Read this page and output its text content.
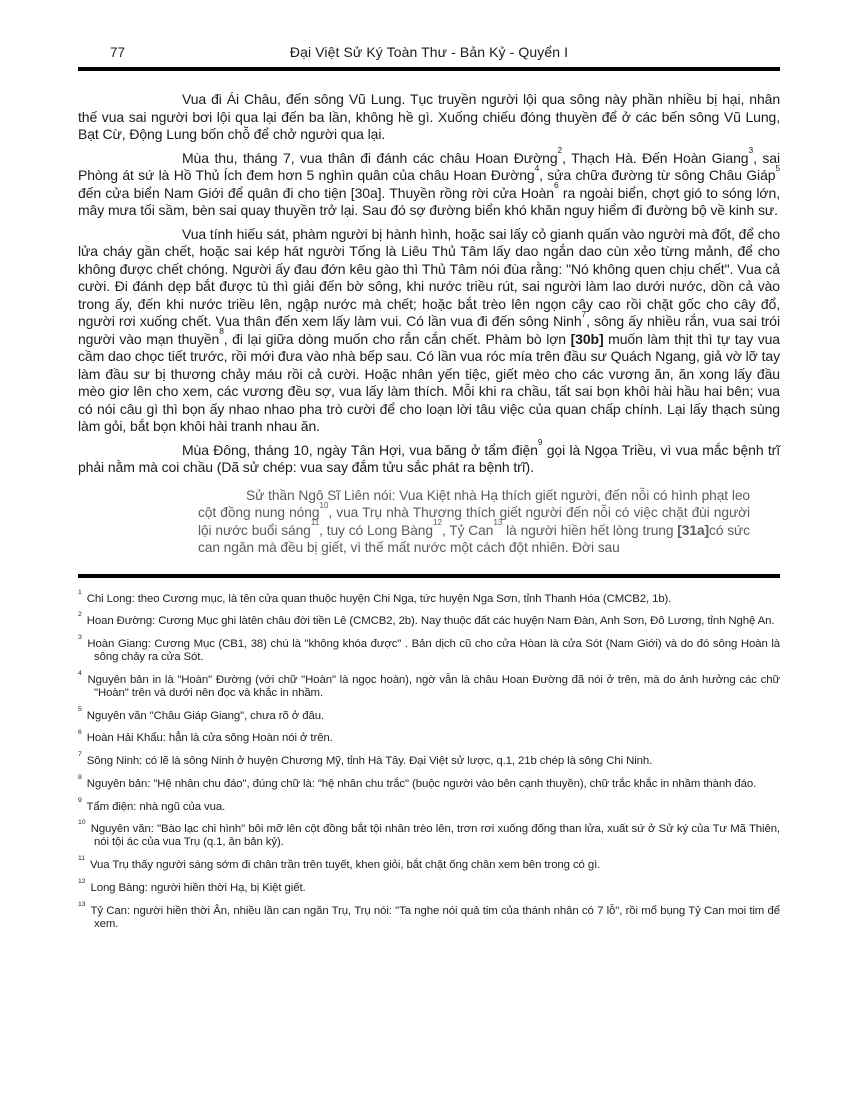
77	Đại Việt Sử Ký Toàn Thư - Bản Kỷ - Quyển I

Vua đi Ái Châu, đến sông Vũ Lung. Tục truyền người lội qua sông này phần nhiều bị hại, nhân thế vua sai người bơi lội qua lại đến ba lần, không hề gì. Xuống chiếu đóng thuyền để ở các bến sông Vũ Lung, Bạt Cừ, Động Lung bốn chỗ để chở người qua lại.

Mùa thu, tháng 7, vua thân đi đánh các châu Hoan Đường$^2$, Thạch Hà. Đến Hoàn Giang$^3$, sai Phòng át sứ là Hồ Thủ Ích đem hơn 5 nghìn quân của châu Hoan Đường$^4$, sửa chữa đường từ sông Châu Giáp$^5$ đến cửa biển Nam Giới để quân đi cho tiện [30a]. Thuyền rồng rời cửa Hoàn$^6$ ra ngoài biển, chợt gió to sóng lớn, mây mưa tối sầm, bèn sai quay thuyền trở lại. Sau đó sợ đường biển khó khăn nguy hiểm đi đường bộ về kinh sư.

Vua tính hiếu sát, phàm người bị hành hình, hoặc sai lấy cỏ gianh quấn vào người mà đốt, để cho lửa cháy gần chết, hoặc sai kép hát người Tống là Liêu Thủ Tâm lấy dao ngắn dao cùn xẻo từng mảnh, để cho không được chết chóng. Người ấy đau đớn kêu gào thì Thủ Tâm nói đùa rằng: "Nó không quen chịu chết". Vua cả cười. Đi đánh dẹp bắt được tù thì giải đến bờ sông, khi nước triều rút, sai người làm lao dưới nước, dồn cả vào trong ấy, đến khi nước triều lên, ngập nước mà chết; hoặc bắt trèo lên ngọn cây cao rồi chặt gốc cho cây đổ, người rơi xuống chết. Vua thân đến xem lấy làm vui. Có lần vua đi đến sông Ninh$^7$, sông ấy nhiều rắn, vua sai trói người vào mạn thuyền$^8$, đi lại giữa dòng muốn cho rắn cắn chết. Phàm bò lợn [30b] muốn làm thịt thì tự tay vua cầm dao chọc tiết trước, rồi mới đưa vào nhà bếp sau. Có lần vua róc mía trên đầu sư Quách Ngang, giả vờ lỡ tay làm đầu sư bị thương chảy máu rồi cả cười. Hoặc nhân yến tiệc, giết mèo cho các vương ăn, ăn xong lấy đầu mèo giơ lên cho xem, các vương đều sợ, vua lấy làm thích. Mỗi khi ra chầu, tất sai bọn khôi hài hầu hai bên; vua có nói câu gì thì bọn ấy nhao nhao pha trò cười để cho loạn lời tâu việc của quan chấp chính. Lại lấy thạch sùng làm gỏi, bắt bọn khôi hài tranh nhau ăn.

Mùa Đông, tháng 10, ngày Tân Hợi, vua băng ở tẩm điện$^9$ gọi là Ngọa Triều, vì vua mắc bệnh trĩ phải nằm mà coi chầu (Dã sử chép: vua say đắm tửu sắc phát ra bệnh trĩ).

Sử thần Ngô Sĩ Liên nói: Vua Kiệt nhà Hạ thích giết người, đến nỗi có hình phạt leo cột đồng nung nóng$^{10}$, vua Trụ nhà Thương thích giết người đến nỗi có việc chặt đùi người lội nước buổi sáng$^{11}$, tuy có Long Bàng$^{12}$, Tỷ Can$^{13}$ là người hiền hết lòng trung [31a]có sức can ngăn mà đều bị giết, vì thế mất nước một cách đột nhiên. Đời sau

$^1$ Chi Long: theo Cương mục, là tên cửa quan thuộc huyện Chi Nga, tức huyện Nga Sơn, tỉnh Thanh Hóa (CMCB2, 1b).
$^2$ Hoan Đường: Cương Mục ghi làtên châu đời tiền Lê (CMCB2, 2b). Nay thuộc đất các huyện Nam Đàn, Anh Sơn, Đô Lương, tỉnh Nghệ An.
$^3$ Hoàn Giang: Cương Mục (CB1, 38) chú là "không khóa được" . Bản dịch cũ cho cửa Hòan là cửa Sót (Nam Giới) và do đó sông Hoàn là sông chảy ra cửa Sót.
$^4$ Nguyên bản in là "Hoàn" Đường (với chữ "Hoàn" là ngọc hoàn), ngờ vẫn là châu Hoan Đường đã nói ở trên, mà do ảnh hưởng các chữ "Hoàn" trên và dưới nên đọc và khắc in nhầm.
$^5$ Nguyên văn "Châu Giáp Giang", chưa rõ ở đâu.
$^6$ Hoàn Hải Khẩu: hẳn là cửa sông Hoàn nói ở trên.
$^7$ Sông Ninh: có lẽ là sông Ninh ở huyện Chương Mỹ, tỉnh Hà Tây. Đại Việt sử lược, q.1, 21b chép là sông Chi Ninh.
$^8$ Nguyên bản: "Hệ nhân chu đáo", đúng chữ là: "hệ nhân chu trắc" (buộc người vào bên cạnh thuyền), chữ trắc khắc in nhầm thành đáo.
$^9$ Tẩm điện: nhà ngũ của vua.
$^{10}$ Nguyên văn: "Bào lạc chi hình" bôi mỡ lên cột đồng bắt tội nhân trèo lên, trơn rơi xuống đống than lửa, xuất sứ ở Sử ký của Tư Mã Thiên, nói tội ác của vua Trụ (q.1, ân bản kỷ).
$^{11}$ Vua Trụ thấy người sáng sớm đi chân trần trên tuyết, khen giỏi, bắt chặt ống chân xem bên trong có gì.
$^{12}$ Long Bàng: người hiền thời Hạ, bị Kiệt giết.
$^{13}$ Tỷ Can: người hiền thời Ân, nhiều lần can ngăn Trụ, Trụ nói: "Ta nghe nói quả tim của thánh nhân có 7 lỗ", rồi mổ bụng Tỷ Can moi tim để xem.
